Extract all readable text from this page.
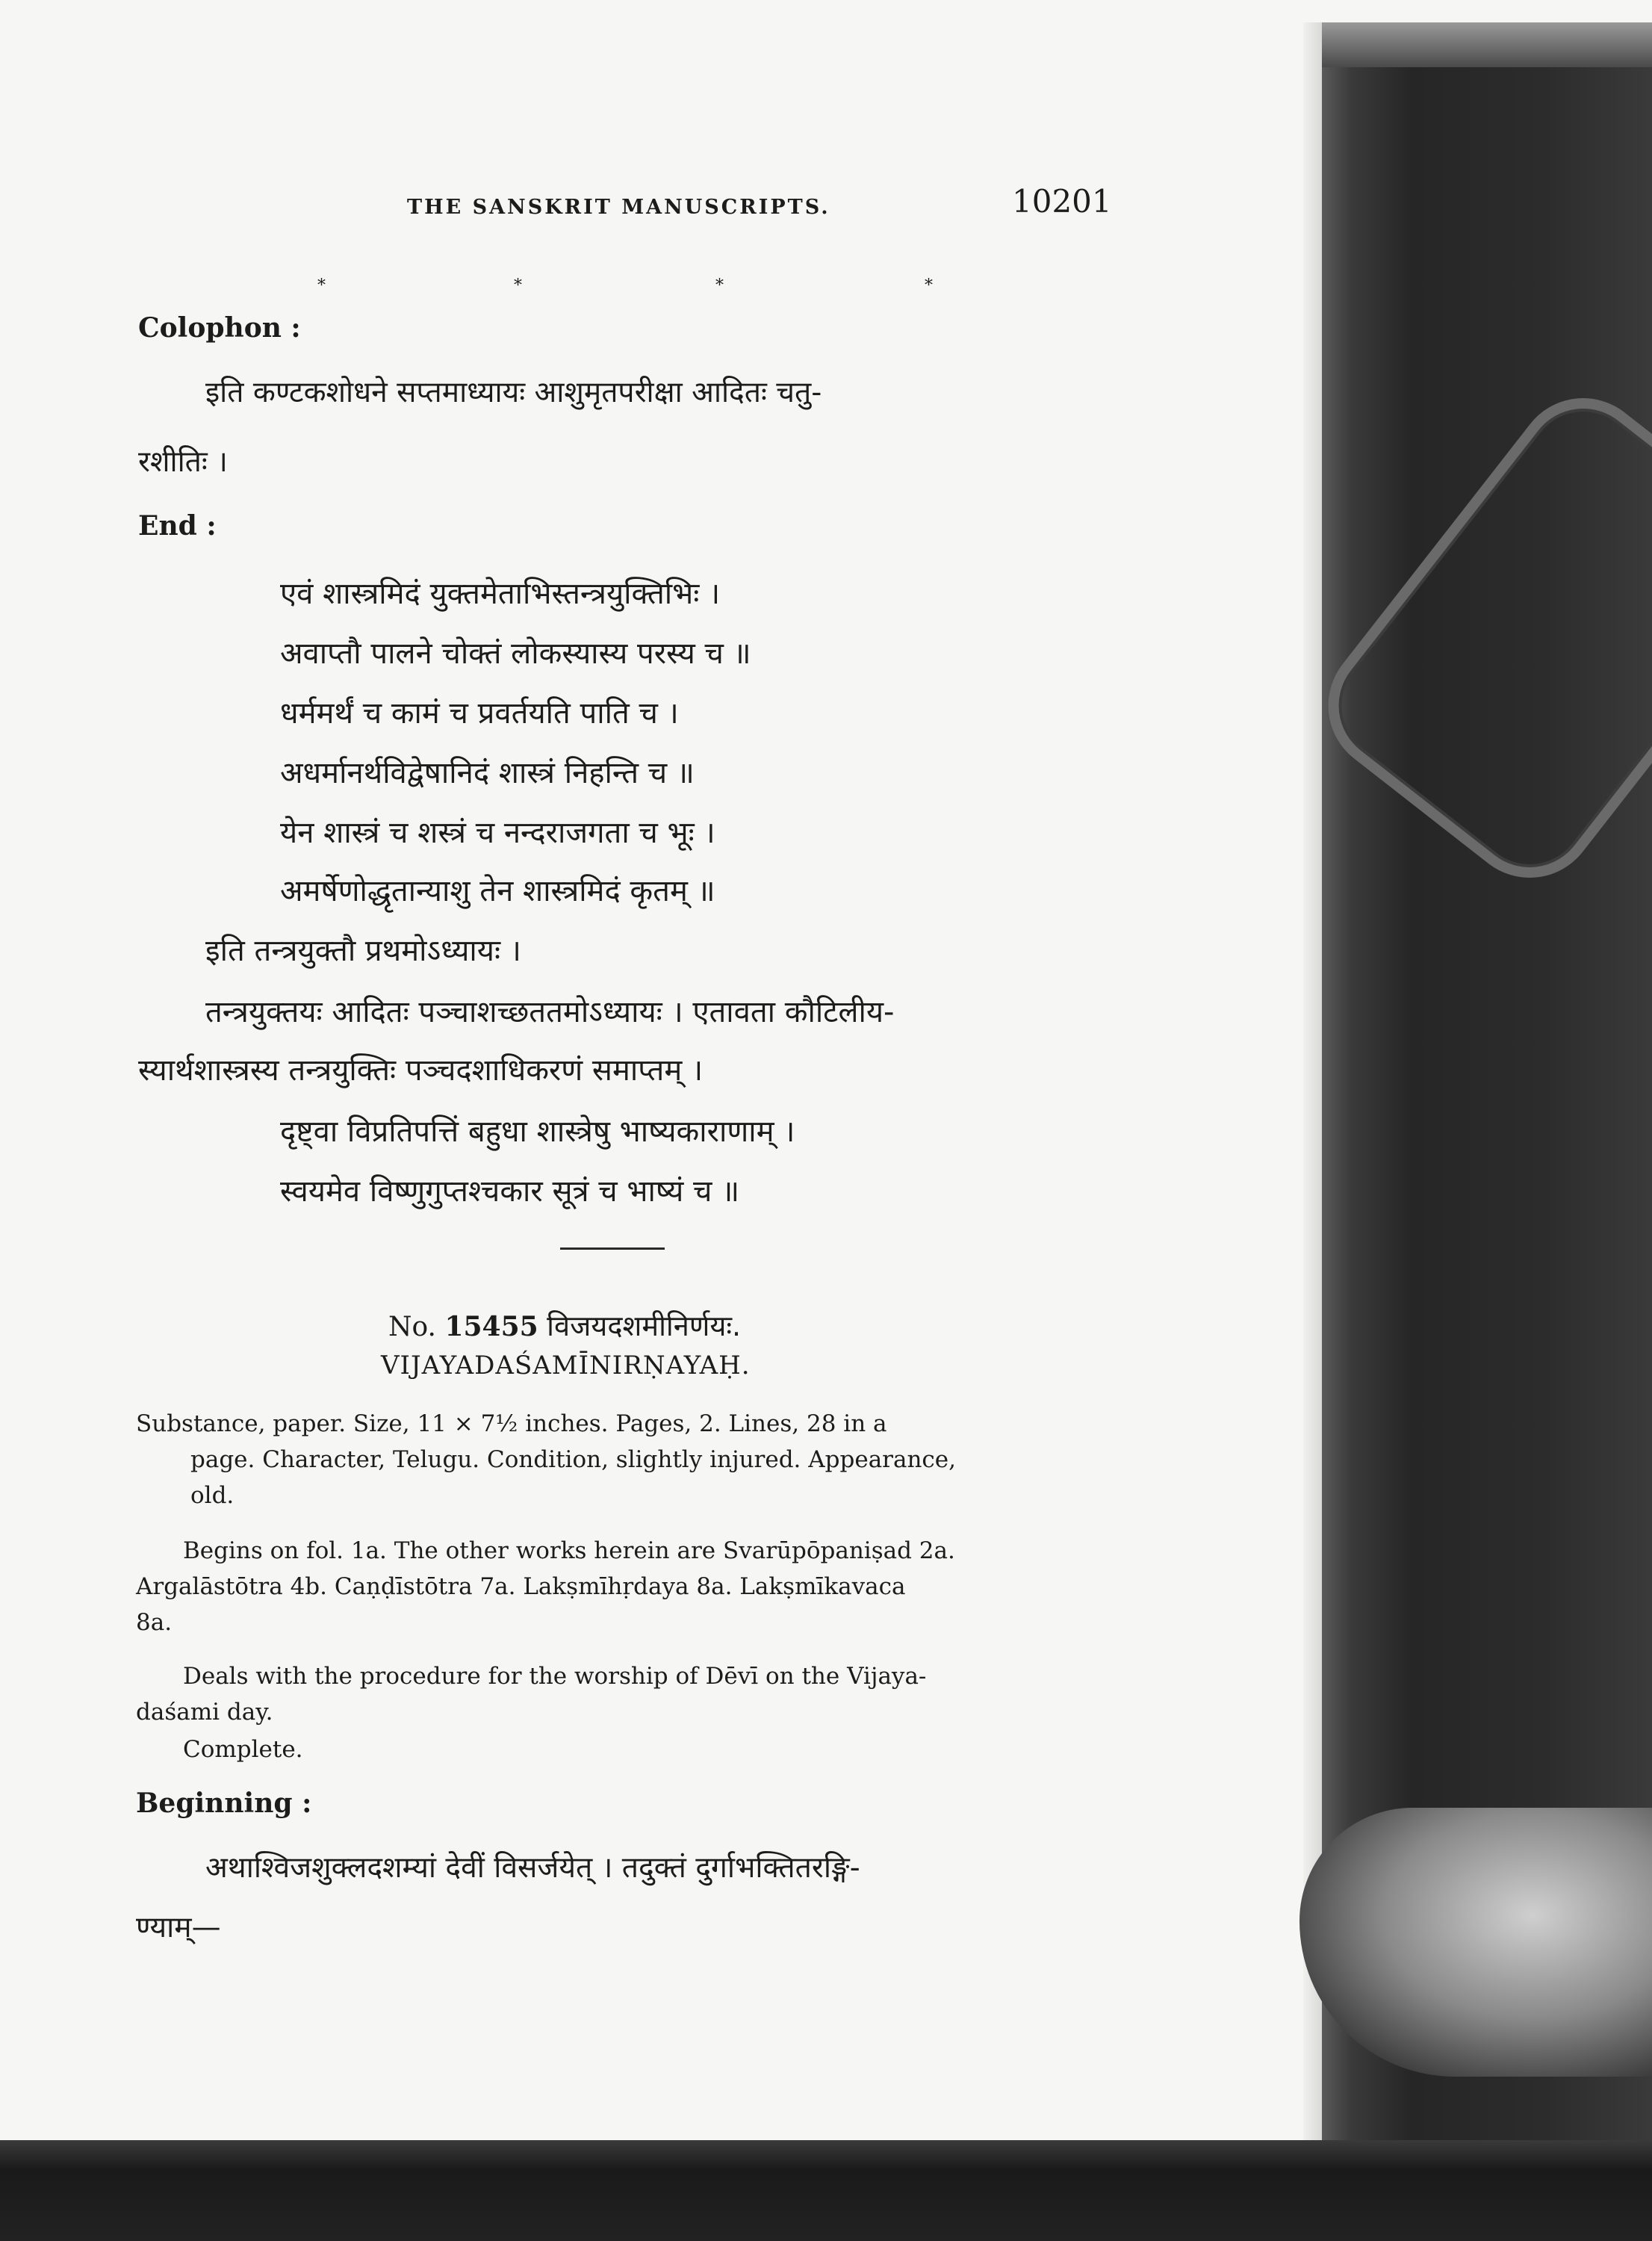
THE SANSKRIT MANUSCRIPTS.	10201
*	*	*	*
Colophon :
इति कण्टकशोधने सप्तमाध्यायः आशुमृतपरीक्षा आदितः चतु-
रशीतिः ।
End :
एवं शास्त्रमिदं युक्तमेताभिस्तन्त्रयुक्तिभिः ।
अवाप्तौ पालने चोक्तं लोकस्यास्य परस्य च ॥
धर्ममर्थं च कामं च प्रवर्तयति पाति च ।
अधर्मानर्थविद्वेषानिदं शास्त्रं निहन्ति च ॥
येन शास्त्रं च शस्त्रं च नन्दराजगता च भूः ।
अमर्षेणोद्धृतान्याशु तेन शास्त्रमिदं कृतम् ॥
इति तन्त्रयुक्तौ प्रथमोऽध्यायः ।
तन्त्रयुक्तयः आदितः पञ्चाशच्छततमोऽध्यायः । एतावता कौटिलीय-
स्यार्थशास्त्रस्य तन्त्रयुक्तिः पञ्चदशाधिकरणं समाप्तम् ।
दृष्ट्वा विप्रतिपत्तिं बहुधा शास्त्रेषु भाष्यकाराणाम् ।
स्वयमेव विष्णुगुप्तश्चकार सूत्रं च भाष्यं च ॥
No. 15455 विजयदशमीनिर्णयः.
VIJAYADAŚAMĪNIRṆAYAḤ.
Substance, paper. Size, 11 × 7½ inches. Pages, 2. Lines, 28 in a
page. Character, Telugu. Condition, slightly injured. Appearance,
old.
Begins on fol. 1a. The other works herein are Svarūpōpaniṣad 2a.
Argalāstōtra 4b. Caṇḍīstōtra 7a. Lakṣmīhṛdaya 8a. Lakṣmīkavaca
8a.
Deals with the procedure for the worship of Dēvī on the Vijaya-
daśami day.
Complete.
Beginning :
अथाश्विजशुक्लदशम्यां देवीं विसर्जयेत् । तदुक्तं दुर्गाभक्तितरङ्गि-
ण्याम्—
